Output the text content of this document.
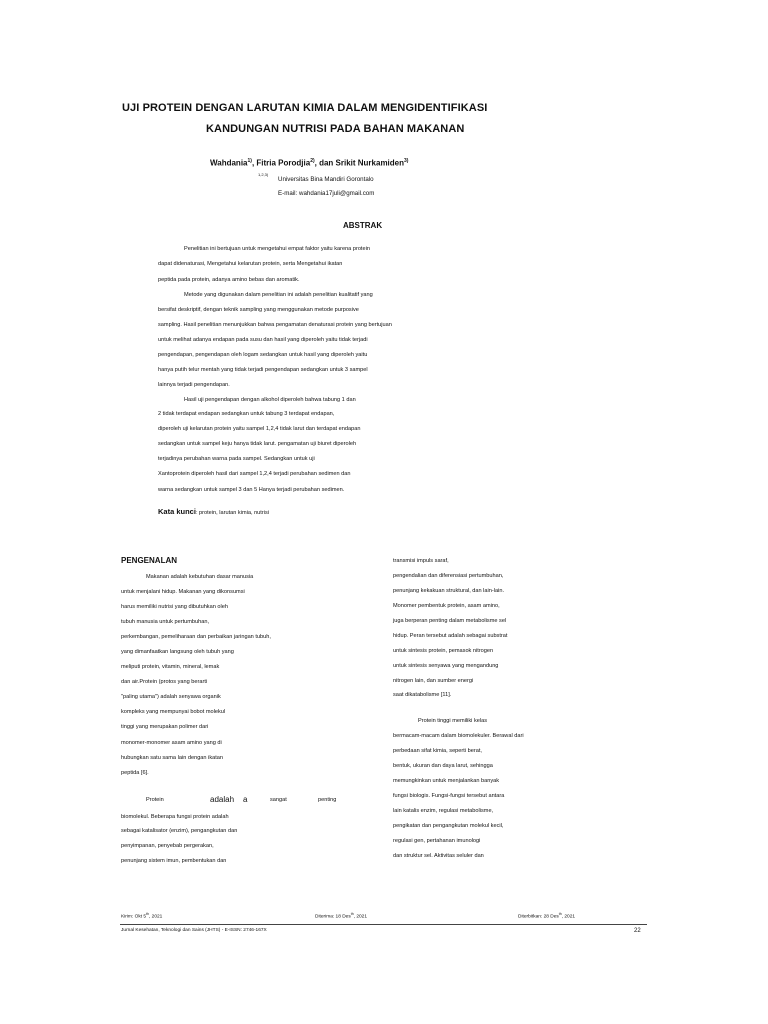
UJI PROTEIN DENGAN LARUTAN KIMIA DALAM MENGIDENTIFIKASI
KANDUNGAN NUTRISI PADA BAHAN MAKANAN
Wahdania$^{1)}$, Fitria Porodjia$^{2)}$, dan Srikit Nurkamiden$^{3)}$
1,2,3)
Universitas Bina Mandiri Gorontalo
E-mail: wahdania17juli@gmail.com
ABSTRAK
Penelitian ini bertujuan untuk mengetahui empat faktor yaitu karena protein
dapat didenaturasi, Mengetahui kelarutan protein, serta Mengetahui ikatan
peptida pada protein, adanya amino bebas dan aromatik.
Metode yang digunakan dalam penelitian ini adalah penelitian kualitatif yang
bersifat deskriptif, dengan teknik sampling yang menggunakan metode purposive
sampling. Hasil penelitian menunjukkan bahwa pengamatan denaturasi protein yang bertujuan
untuk melihat adanya endapan pada susu dan hasil yang diperoleh yaitu tidak terjadi
pengendapan, pengendapan oleh logam sedangkan untuk hasil yang diperoleh yaitu
hanya putih telur mentah yang tidak terjadi pengendapan sedangkan untuk 3 sampel
lainnya terjadi pengendapan.
Hasil uji pengendapan dengan alkohol diperoleh bahwa tabung 1 dan
2 tidak terdapat endapan sedangkan untuk tabung 3 terdapat endapan,
diperoleh uji kelarutan protein yaitu sampel 1,2,4 tidak larut dan terdapat endapan
sedangkan untuk sampel keju hanya tidak larut. pengamatan uji biuret diperoleh
terjadinya perubahan warna pada sampel. Sedangkan untuk uji
Xantoprotein diperoleh hasil dari sampel 1,2,4 terjadi perubahan sedimen dan
warna sedangkan untuk sampel 3 dan 5 Hanya terjadi perubahan sedimen.
Kata kunci: protein, larutan kimia, nutrisi
PENGENALAN
Makanan adalah kebutuhan dasar manusia
untuk menjalani hidup. Makanan yang dikonsumsi
harus memiliki nutrisi yang dibutuhkan oleh
tubuh manusia untuk pertumbuhan,
perkembangan, pemeliharaan dan perbaikan jaringan tubuh,
yang dimanfaatkan langsung oleh tubuh yang
meliputi protein, vitamin, mineral, lemak
dan air.Protein (protos yang berarti
"paling utama") adalah senyawa organik
kompleks yang mempunyai bobot molekul
tinggi yang merupakan polimer dari
monomer-monomer asam amino yang di
hubungkan satu sama lain dengan ikatan
peptida [6].
Protein	adalah a	sangat	penting
biomolekul. Beberapa fungsi protein adalah
sebagai katalisator (enzim), pengangkutan dan
penyimpanan, penyebab pergerakan,
penunjang sistem imun, pembentukan dan
transmisi impuls saraf,
pengendalian dan diferensiasi pertumbuhan,
penunjang kekakuan struktural, dan lain-lain.
Monomer pembentuk protein, asam amino,
juga berperan penting dalam metabolisme sel
hidup. Peran tersebut adalah sebagai substrat
untuk sintesis protein, pemasok nitrogen
untuk sintesis senyawa yang mengandung
nitrogen lain, dan sumber energi
saat dikatabolisme [11].
Protein tinggi memiliki kelas
bermacam-macam dalam biomolekuler. Berawal dari
perbedaan sifat kimia, seperti berat,
bentuk, ukuran dan daya larut, sehingga
memungkinkan untuk menjalankan banyak
fungsi biologis. Fungsi-fungsi tersebut antara
lain katalis enzim, regulasi metabolisme,
pengikatan dan pengangkutan molekul kecil,
regulasi gen, pertahanan imunologi
dan struktur sel. Aktivitas seluler dan
Kirim: Okt 5th, 2021	Diterima: 18 Des$^{th}$, 2021	Diterbitkan: 28 Des$^{th}$, 2021
Jurnal Kesehatan, Teknologi dan Sains (JHTS) - E-ISSN: 2746-167X	22
